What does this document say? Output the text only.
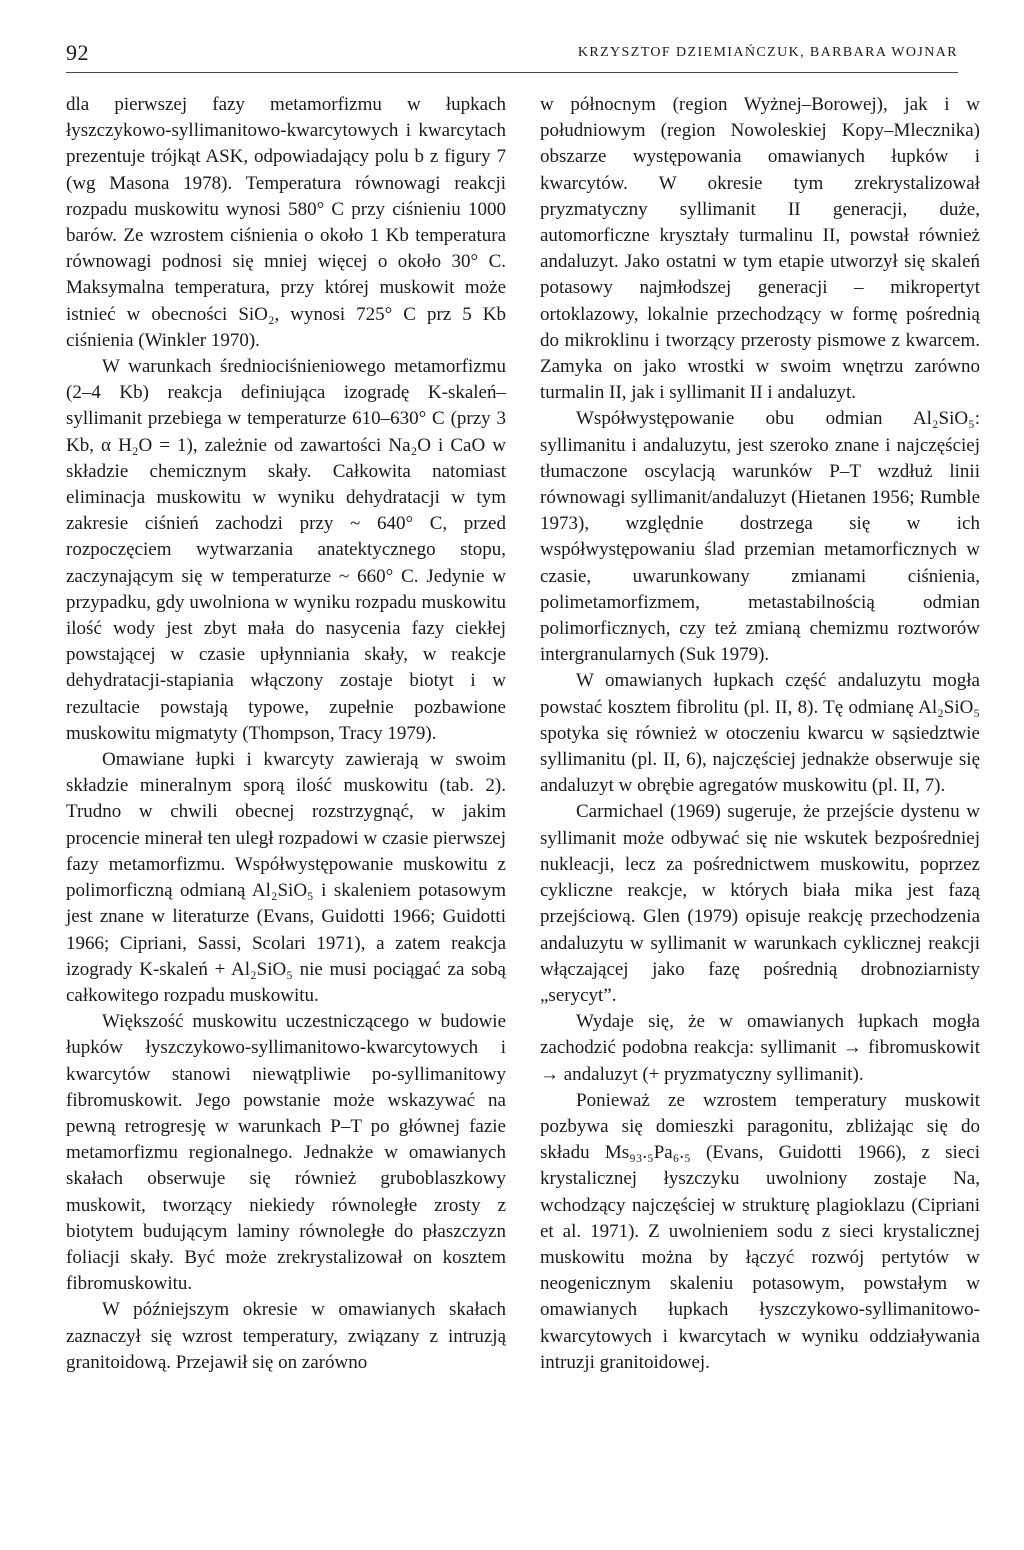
92	KRZYSZTOF DZIEMIAŃCZUK, BARBARA WOJNAR

dla pierwszej fazy metamorfizmu w łupkach łyszczykowo-syllimanitowo-kwarcytowych i kwarcytach prezentuje trójkąt ASK, odpowiadający polu b z figury 7 (wg Masona 1978). Temperatura równowagi reakcji rozpadu muskowitu wynosi 580° C przy ciśnieniu 1000 barów. Ze wzrostem ciśnienia o około 1 Kb temperatura równowagi podnosi się mniej więcej o około 30° C. Maksymalna temperatura, przy której muskowit może istnieć w obecności SiO₂, wynosi 725° C prz 5 Kb ciśnienia (Winkler 1970).

W warunkach średniociśnieniowego metamorfizmu (2–4 Kb) reakcja definiująca izogradę K-skaleń–syllimanit przebiega w temperaturze 610–630° C (przy 3 Kb, α H₂O = 1), zależnie od zawartości Na₂O i CaO w składzie chemicznym skały. Całkowita natomiast eliminacja muskowitu w wyniku dehydratacji w tym zakresie ciśnień zachodzi przy ~ 640° C, przed rozpoczęciem wytwarzania anatektycznego stopu, zaczynającym się w temperaturze ~ 660° C. Jedynie w przypadku, gdy uwolniona w wyniku rozpadu muskowitu ilość wody jest zbyt mała do nasycenia fazy ciekłej powstającej w czasie upłynniania skały, w reakcje dehydratacji-stapiania włączony zostaje biotyt i w rezultacie powstają typowe, zupełnie pozbawione muskowitu migmatyty (Thompson, Tracy 1979).

Omawiane łupki i kwarcyty zawierają w swoim składzie mineralnym sporą ilość muskowitu (tab. 2). Trudno w chwili obecnej rozstrzygnąć, w jakim procencie minerał ten uległ rozpadowi w czasie pierwszej fazy metamorfizmu. Współwystępowanie muskowitu z polimorficzną odmianą Al₂SiO₅ i skaleniem potasowym jest znane w literaturze (Evans, Guidotti 1966; Guidotti 1966; Cipriani, Sassi, Scolari 1971), a zatem reakcja izogrady K-skaleń + Al₂SiO₅ nie musi pociągać za sobą całkowitego rozpadu muskowitu.

Większość muskowitu uczestniczącego w budowie łupków łyszczykowo-syllimanitowo-kwarcytowych i kwarcytów stanowi niewątpliwie po-syllimanitowy fibromuskowit. Jego powstanie może wskazywać na pewną retrogresję w warunkach P–T po głównej fazie metamorfizmu regionalnego. Jednakże w omawianych skałach obserwuje się również gruboblaszkowy muskowit, tworzący niekiedy równoległe zrosty z biotytem budującym laminy równoległe do płaszczyzn foliacji skały. Być może zrekrystalizował on kosztem fibromuskowitu.

W późniejszym okresie w omawianych skałach zaznaczył się wzrost temperatury, związany z intruzją granitoidową. Przejawił się on zarówno

w północnym (region Wyżnej–Borowej), jak i w południowym (region Nowoleskiej Kopy–Mlecznika) obszarze występowania omawianych łupków i kwarcytów. W okresie tym zrekrystalizował pryzmatyczny syllimanit II generacji, duże, automorficzne kryształy turmalinu II, powstał również andaluzyt. Jako ostatni w tym etapie utworzył się skaleń potasowy najmłodszej generacji – mikropertyt ortoklazowy, lokalnie przechodzący w formę pośrednią do mikroklinu i tworzący przerosty pismowe z kwarcem. Zamyka on jako wrostki w swoim wnętrzu zarówno turmalin II, jak i syllimanit II i andaluzyt.

Współwystępowanie obu odmian Al₂SiO₅: syllimanitu i andaluzytu, jest szeroko znane i najczęściej tłumaczone oscylacją warunków P–T wzdłuż linii równowagi syllimanit/andaluzyt (Hietanen 1956; Rumble 1973), względnie dostrzega się w ich współwystępowaniu ślad przemian metamorficznych w czasie, uwarunkowany zmianami ciśnienia, polimetamorfizmem, metastabilnością odmian polimorficznych, czy też zmianą chemizmu roztworów intergranularnych (Suk 1979).

W omawianych łupkach część andaluzytu mogła powstać kosztem fibrolitu (pl. II, 8). Tę odmianę Al₂SiO₅ spotyka się również w otoczeniu kwarcu w sąsiedztwie syllimanitu (pl. II, 6), najczęściej jednakże obserwuje się andaluzyt w obrębie agregatów muskowitu (pl. II, 7).

Carmichael (1969) sugeruje, że przejście dystenu w syllimanit może odbywać się nie wskutek bezpośredniej nukleacji, lecz za pośrednictwem muskowitu, poprzez cykliczne reakcje, w których biała mika jest fazą przejściową. Glen (1979) opisuje reakcję przechodzenia andaluzytu w syllimanit w warunkach cyklicznej reakcji włączającej jako fazę pośrednią drobnoziarnisty „serycyt”.

Wydaje się, że w omawianych łupkach mogła zachodzić podobna reakcja: syllimanit → fibromuskowit → andaluzyt (+ pryzmatyczny syllimanit).

Ponieważ ze wzrostem temperatury muskowit pozbywa się domieszki paragonitu, zbliżając się do składu Ms₉₃.₅Pa₆.₅ (Evans, Guidotti 1966), z sieci krystalicznej łyszczyku uwolniony zostaje Na, wchodzący najczęściej w strukturę plagioklazu (Cipriani et al. 1971). Z uwolnieniem sodu z sieci krystalicznej muskowitu można by łączyć rozwój pertytów w neogenicznym skaleniu potasowym, powstałym w omawianych łupkach łyszczykowo-syllimanitowo-kwarcytowych i kwarcytach w wyniku oddziaływania intruzji granitoidowej.
